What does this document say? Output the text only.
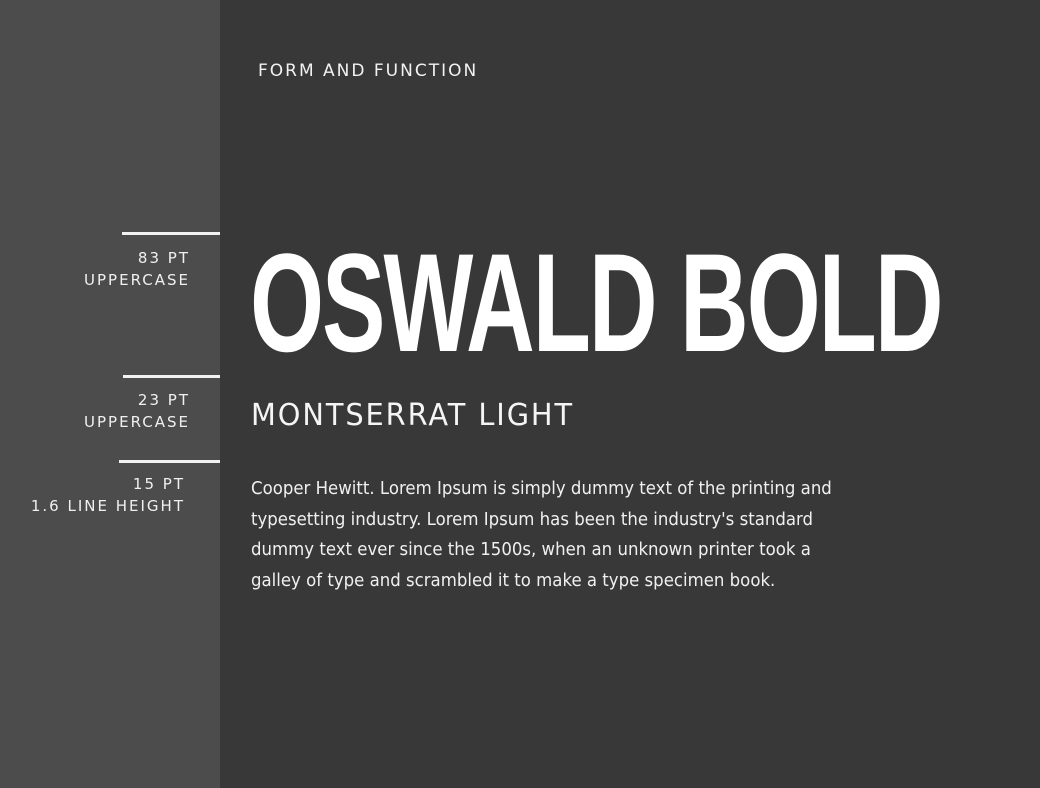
83 PT
UPPERCASE
23 PT
UPPERCASE
15 PT
1.6 LINE HEIGHT
FORM AND FUNCTION
OSWALD BOLD
MONTSERRAT LIGHT
Cooper Hewitt. Lorem Ipsum is simply dummy text of the printing and
typesetting industry. Lorem Ipsum has been the industry's standard
dummy text ever since the 1500s, when an unknown printer took a
galley of type and scrambled it to make a type specimen book.
